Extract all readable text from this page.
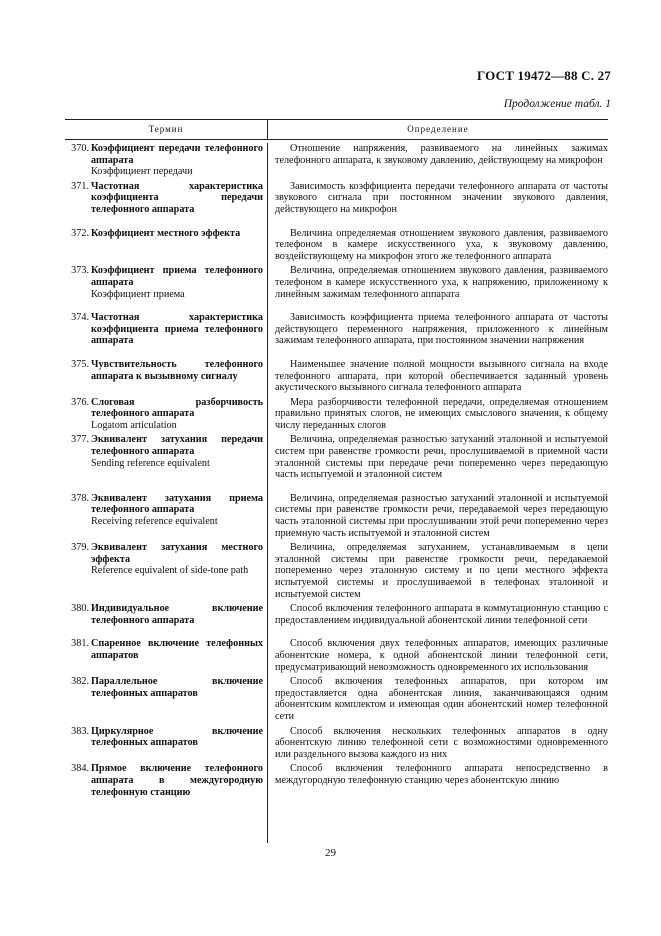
ГОСТ 19472—88 С. 27
Продолжение табл. 1
Термин	Определение
370. Коэффициент передачи телефонного аппарата
Коэффициент передачи
Отношение напряжения, развиваемого на линейных зажимах телефонного аппарата, к звуковому давлению, действующему на микрофон
371. Частотная характеристика коэффициента передачи телефонного аппарата
Зависимость коэффициента передачи телефонного аппарата от частоты звукового сигнала при постоянном значении звукового давления, действующего на микрофон
372. Коэффициент местного эффекта	Величина определяемая отношением звукового давления, развиваемого телефоном в камере искусственного уха, к звуковому давлению, воздействующему на микрофон этого же телефонного аппарата
373. Коэффициент приема телефонного аппарата
Коэффициент приема
Величина, определяемая отношением звукового давления, развиваемого телефоном в камере искусственного уха, к напряжению, приложенному к линейным зажимам телефонного аппарата
374. Частотная характеристика коэффициента приема телефонного аппарата
Зависимость коэффициента приема телефонного аппарата от частоты действующего переменного напряжения, приложенного к линейным зажимам телефонного аппарата, при постоянном значении напряжения
375. Чувствительность телефонного аппарата к вызывному сигналу
Наименьшее значение полной мощности вызывного сигнала на входе телефонного аппарата, при которой обеспечивается заданный уровень акустического вызывного сигнала телефонного аппарата
376. Слоговая разборчивость телефонного аппарата
Logatom articulation
Мера разборчивости телефонной передачи, определяемая отношением правильно принятых слогов, не имеющих смыслового значения, к общему числу переданных слогов
377. Эквивалент затухания передачи телефонного аппарата
Sending reference equivalent
Величина, определяемая разностью затуханий эталонной и испытуемой систем при равенстве громкости речи, прослушиваемой в приемной части эталонной системы при передаче речи попеременно через передающую часть испытуемой и эталонной систем
378. Эквивалент затухания приема телефонного аппарата
Receiving reference equivalent
Величина, определяемая разностью затуханий эталонной и испытуемой системы при равенстве громкости речи, передаваемой через передающую часть эталонной системы при прослушивании этой речи попеременно через приемную часть испытуемой и эталонной систем
379. Эквивалент затухания местного эффекта
Reference equivalent of side-tone path
Величина, определяемая затуханием, устанавливаемым в цепи эталонной системы при равенстве громкости речи, передаваемой попеременно через эталонную систему и по цепи местного эффекта испытуемой системы и прослушиваемой в телефонах эталонной и испытуемой систем
380. Индивидуальное включение телефонного аппарата
Способ включения телефонного аппарата в коммутационную станцию с предоставлением индивидуальной абонентской линии телефонной сети
381. Спаренное включение телефонных аппаратов
Способ включения двух телефонных аппаратов, имеющих различные абонентские номера, к одной абонентской линии телефонной сети, предусматривающий невозможность одновременного их использования
382. Параллельное включение телефонных аппаратов
Способ включения телефонных аппаратов, при котором им предоставляется одна абонентская линия, заканчивающаяся одним абонентским комплектом и имеющая один абонентский номер телефонной сети
383. Циркулярное включение телефонных аппаратов
Способ включения нескольких телефонных аппаратов в одну абонентскую линию телефонной сети с возможностями одновременного или раздельного вызова каждого из них
384. Прямое включение телефонного аппарата в междугородную телефонную станцию
Способ включения телефонного аппарата непосредственно в междугородную телефонную станцию через абонентскую линию
29
